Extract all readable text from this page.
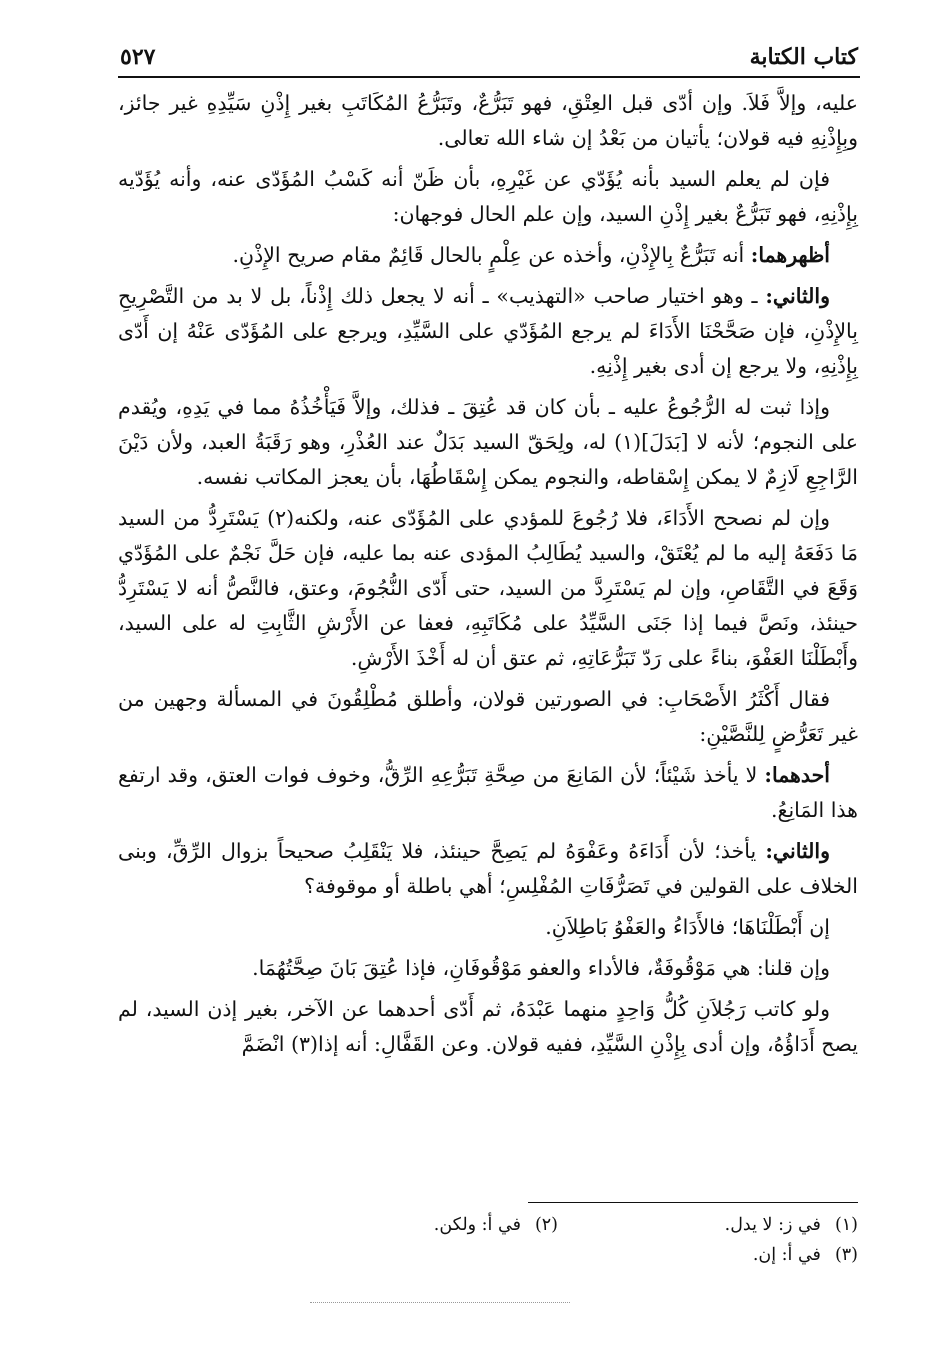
كتاب الكتابة
٥٢٧

عليه، وإلاَّ فَلاَ. وإن أدّى قبل العِتْقِ، فهو تَبَرُّعٌ، وتَبَرُّعُ المُكَاتَبِ بغير إِذْنِ سَيِّدِهِ غير جائز، وبِإِذْنِهِ فيه قولان؛ يأتيان من بَعْدُ إن شاء الله تعالى.

فإن لم يعلم السيد بأنه يُؤَدّي عن غَيْرِهِ، بأن ظَنّ أنه كَسْبُ المُؤَدّى عنه، وأنه يُؤَدّيه بِإِذْنِهِ، فهو تَبَرُّعٌ بغير إِذْنِ السيد، وإن علم الحال فوجهان:

أظهرهما: أنه تَبَرُّعٌ بِالإِذْنِ، وأخذه عن عِلْمٍ بالحال قَائِمٌ مقام صريح الإِذْنِ.

والثاني: ـ وهو اختيار صاحب «التهذيب» ـ أنه لا يجعل ذلك إِذْناً، بل لا بد من التَّصْرِيحِ بِالإِذْنِ، فإن صَحَّحْنَا الأَدَاءَ لم يرجع المُؤَدّي على السَّيِّدِ، ويرجع على المُؤَدّى عَنْهُ إن أَدّى بِإِذْنِهِ، ولا يرجع إن أدى بغير إِذْنِهِ.

وإذا ثبت له الرُّجُوعُ عليه ـ بأن كان قد عُتِقَ ـ فذلك، وإلاَّ فَيَأْخُذُهُ مما في يَدِهِ، ويُقدم على النجوم؛ لأنه لا [بَدَلَ](١) له، ولِحَقّ السيد بَدَلٌ عند العُذْرِ، وهو رَقَبَةُ العبد، ولأن دَيْنَ الرَّاجِعِ لَازِمٌ لا يمكن إِسْقاطه، والنجوم يمكن إِسْقَاطُهَا، بأن يعجز المكاتب نفسه.

وإن لم نصحح الأَدَاءَ، فلا رُجُوعَ للمؤدي على المُؤَدّى عنه، ولكنه(٢) يَسْتَرِدُّ من السيد مَا دَفَعَهُ إليه ما لم يُعْتَقْ، والسيد يُطَالِبُ المؤدى عنه بما عليه، فإن حَلَّ نَجْمٌ على المُؤَدّي وَقَعَ في التَّقَاصِ، وإن لم يَسْتَرِدَّ من السيد، حتى أَدّى النُّجُومَ، وعتق، فالنَّصُّ أنه لا يَسْتَرِدُّ حينئذ، ونَصَّ فيما إذا جَنَى السَّيِّدُ على مُكَاتَبِهِ، فعفا عن الأَرْشِ الثَّابِتِ له على السيد، وأَبْطَلْنَا العَفْوَ، بناءً على رَدّ تَبَرُّعَاتِهِ، ثم عتق أن له أَخْذَ الأَرْشِ.

فقال أَكْثَرُ الأَصْحَابِ: في الصورتين قولان، وأطلق مُطْلِقُونَ في المسألة وجهين من غير تَعَرُّضٍ لِلنَّصَّيْنِ:

أحدهما: لا يأخذ شَيْئاً؛ لأن المَانِعَ من صِحَّةِ تَبَرُّعِهِ الرِّقُّ، وخوف فوات العتق، وقد ارتفع هذا المَانِعُ.

والثاني: يأخذ؛ لأن أَدَاءَهُ وعَفْوَهُ لم يَصِحَّ حينئذ، فلا يَنْقَلِبُ صحيحاً بزوال الرِّقِّ، وبنى الخلاف على القولين في تَصَرُّفَاتِ المُفْلِسِ؛ أهي باطلة أو موقوفة؟

إن أَبْطَلْنَاهَا؛ فالأَدَاءُ والعَفْوُ بَاطِلاَنِ.

وإن قلنا: هي مَوْقُوفَةٌ، فالأداء والعفو مَوْقُوفَانِ، فإذا عُتِقَ بَانَ صِحَّتُهُمَا.

ولو كاتب رَجُلاَنِ كُلُّ وَاحِدٍ منهما عَبْدَهُ، ثم أَدّى أحدهما عن الآخر، بغير إذن السيد، لم يصح أَدَاؤُهُ، وإن أدى بِإِذْنِ السَّيِّدِ، ففيه قولان. وعن القَفَّالِ: أنه إذا(٣) انْضَمَّ

(١)
في ز: لا يدل.
(٢)
في أ: ولكن.
(٣)
في أ: إن.
